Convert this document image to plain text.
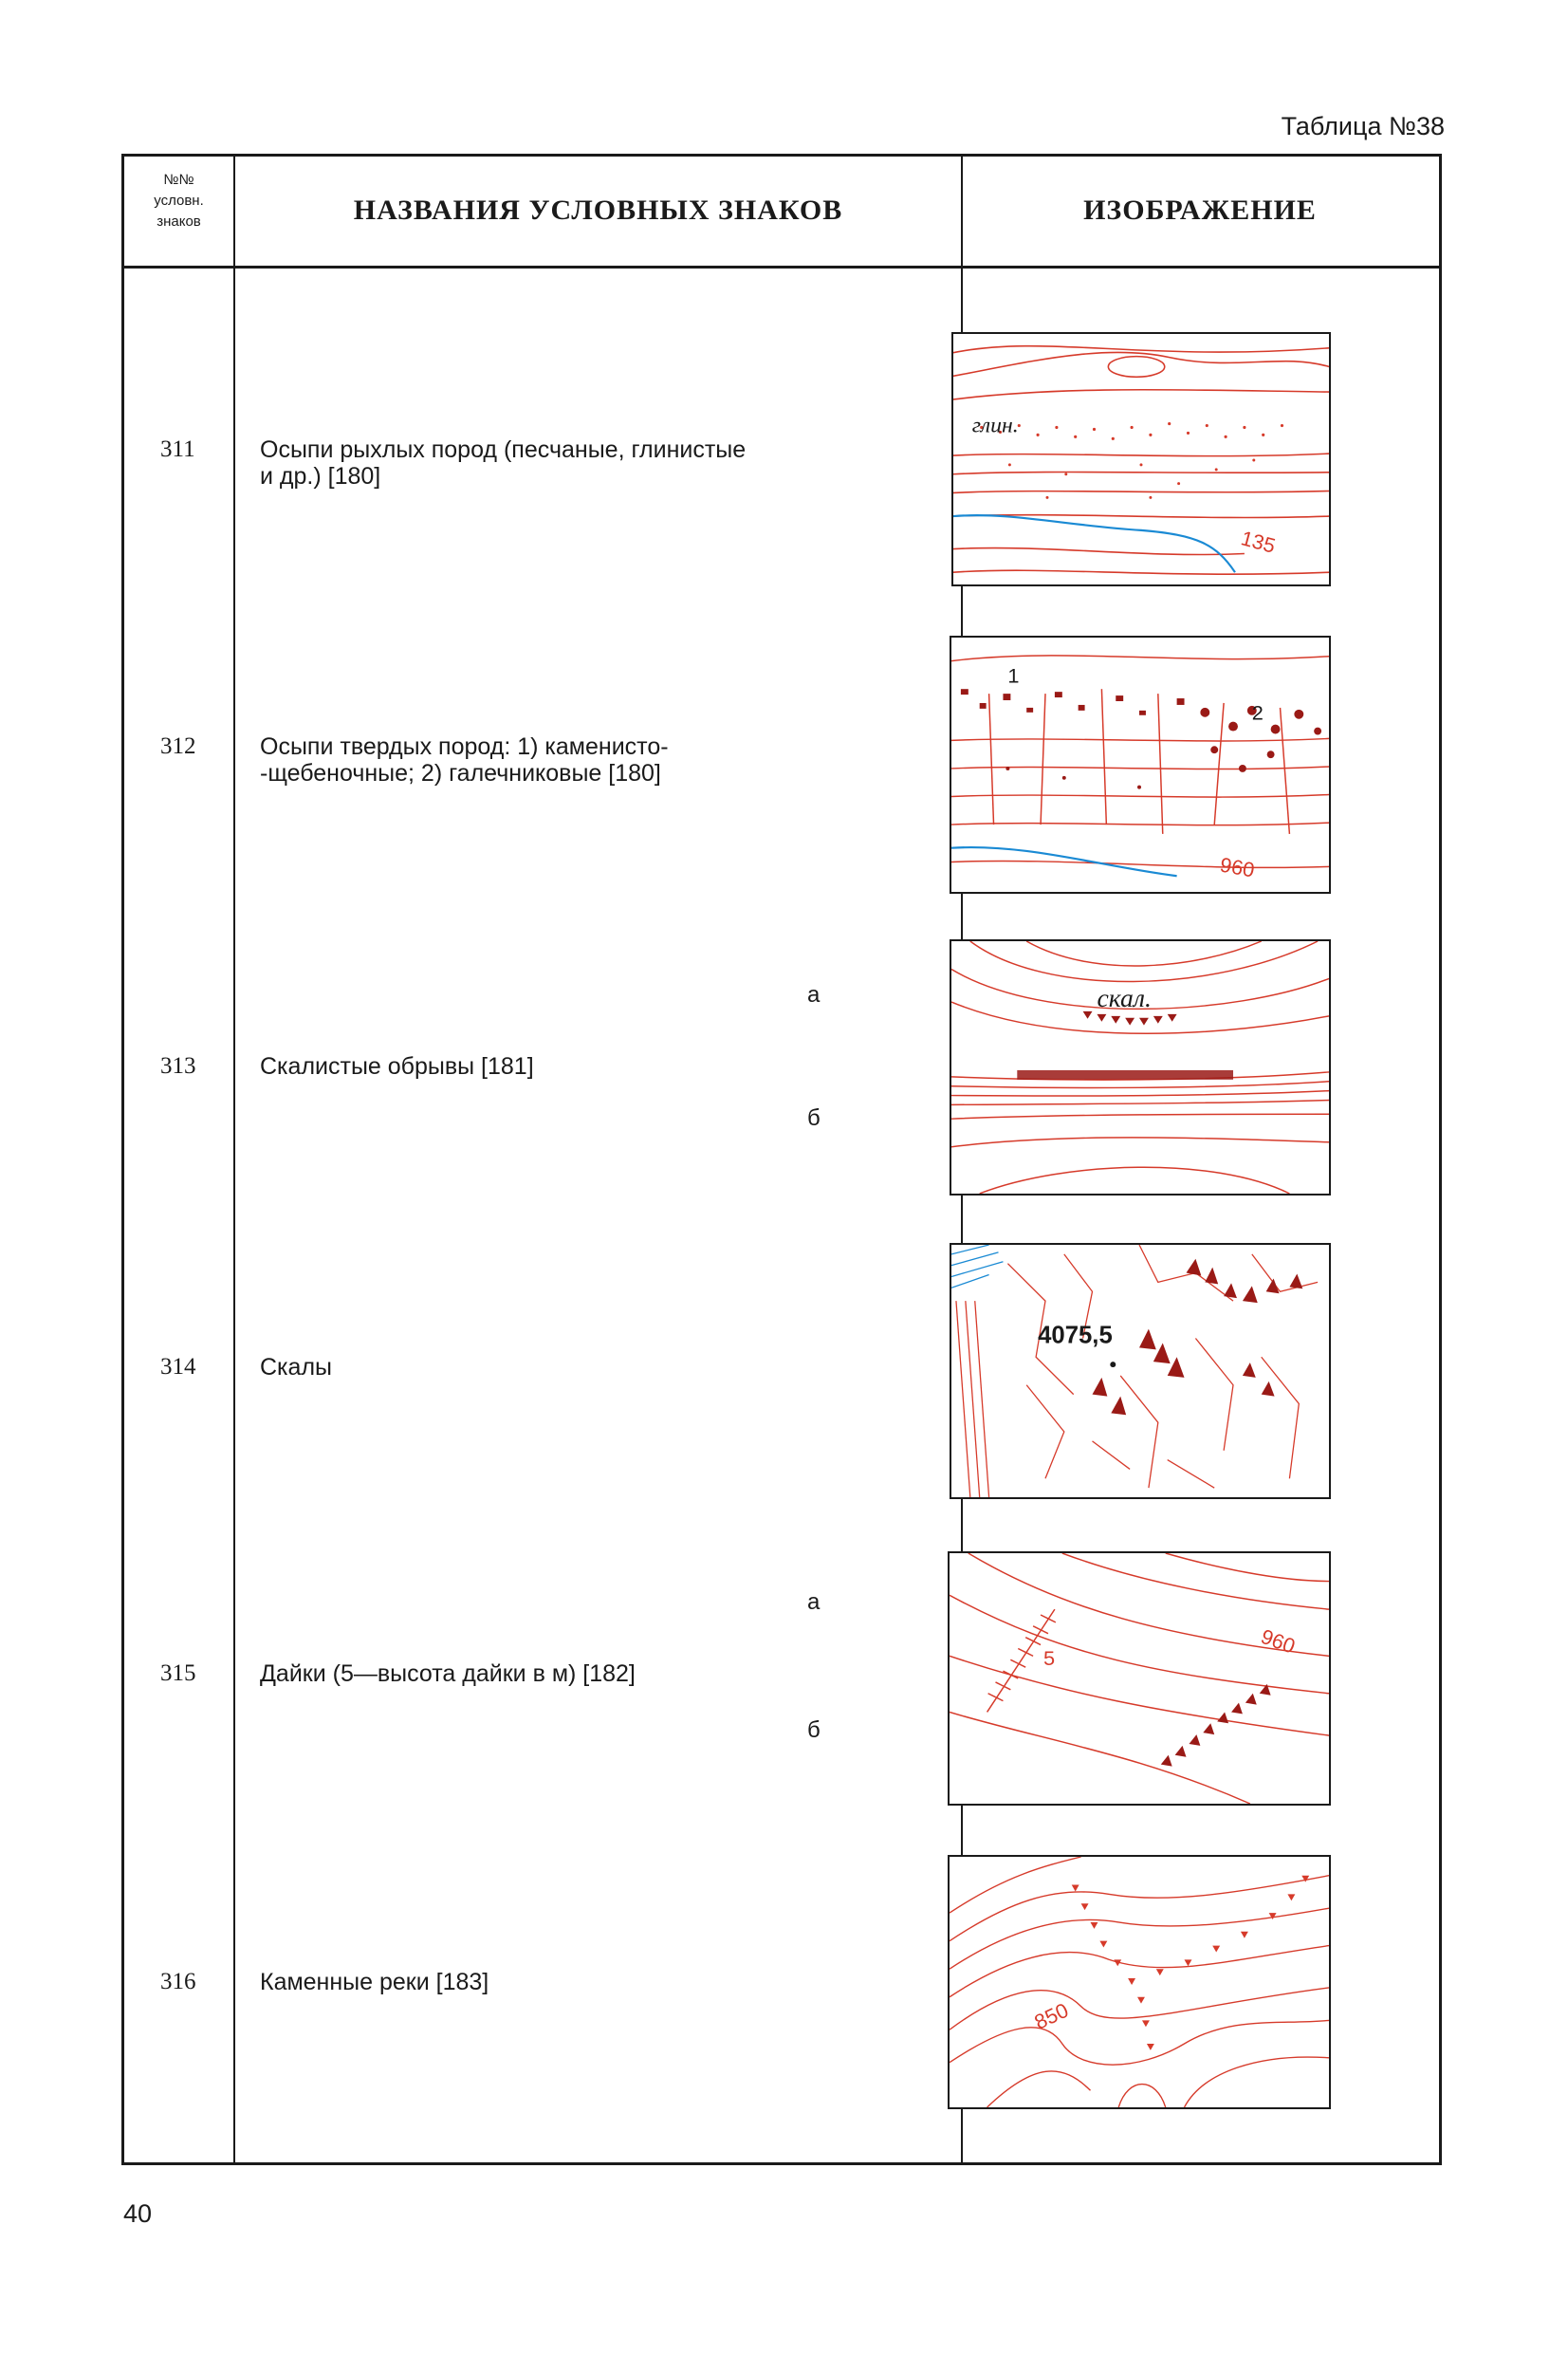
Таблица №38
№№
условн.
знаков	НАЗВАНИЯ УСЛОВНЫХ ЗНАКОВ	ИЗОБРАЖЕНИЕ
311	Осыпи рыхлых пород (песчаные, глинистые
и др.) [180]
312	Осыпи твердых пород: 1) каменисто-
-щебеночные; 2) галечниковые [180]
313	Скалистые обрывы [181]
а
б
314	Скалы
315	Дайки (5—высота дайки в м) [182]
а
б
316	Каменные реки [183]
глин.
135
1
2
960
скал.
4075,5
5
960
850
40
